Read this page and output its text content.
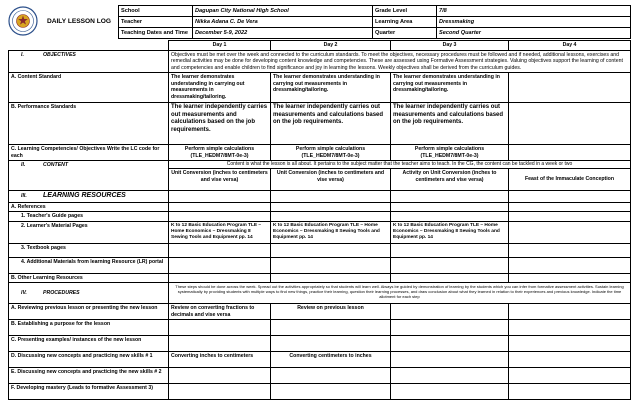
DAILY LESSON LOG
School	Dagupan City National High School	Grade Level	7/8
Teacher	Nikka Adana C. De Vera	Learning Area	Dressmaking
Teaching Dates and Time	December 5-9, 2022	Quarter	Second Quarter
	Day 1	Day 2	Day 3	Day 4
I. OBJECTIVES	Objectives must be met over the week and connected to the curriculum standards. To meet the objectives, necessary procedures must be followed and if needed, additional lessons, exercises and remedial activities may be done for developing content knowledge and competencies. These are assessed using Formative Assessment strategies. Valuing objectives support the learning of content and competencies and enable children to find significance and joy in learning the lessons. Weekly objectives shall be derived from the curriculum guides.			
A. Content Standard	The learner demonstrates understanding in carrying out measurements in dressmaking/tailoring.	The learner demonstrates understanding in carrying out measurements in dressmaking/tailoring.	The learner demonstrates understanding in carrying out measurements in dressmaking/tailoring.	
B. Performance Standards	The learner independently carries out measurements and calculations based on the job requirements.	The learner independently carries out measurements and calculations based on the job requirements.	The learner independently carries out measurements and calculations based on the job requirements.	
C. Learning Competencies/ Objectives Write the LC code for each	Perform simple calculations (TLE_HEDM7/8MT-0e-3)	Perform simple calculations (TLE_HEDM7/8MT-0e-3)	Perform simple calculations (TLE_HEDM7/8MT-0e-3)	
II. CONTENT	Content is what the lesson is all about. It pertains to the subject matter that the teacher aims to teach. In the CG, the content can be tackled in a week or two			
	Unit Conversion (inches to centimeters and vise versa)	Unit Conversion (inches to centimeters and vise versa)	Activity on Unit Conversion (inches to centimeters and vise versa)	Feast of the Immaculate Conception
III. LEARNING RESOURCES				
A. References				
1. Teacher's Guide pages				
2. Learner's Material Pages	K to 12 Basic Education Program TLE – Home Economics – Dressmaking 8 Sewing Tools and Equipment pp. 14	K to 12 Basic Education Program TLE – Home Economics – Dressmaking 8 Sewing Tools and Equipment pp. 14	K to 12 Basic Education Program TLE – Home Economics – Dressmaking 8 Sewing Tools and Equipment pp. 14	
3. Textbook pages				
4. Additional Materials from learning Resource (LR) portal				
B. Other Learning Resources				
IV. PROCEDURES	These steps should be done across the week. Spread out the activities appropriately so that students will learn well. Always be guided by demonstration of learning by the students which you can infer from formative assessment activities. Sustain learning systematically by providing students with multiple ways to find new things, practice their learning, question their learning processes, and draw conclusion about what they learned in relation to their experiences and previous knowledge. Indicate the time allotment for each step			
A. Reviewing previous lesson or presenting the new lesson	Review on converting fractions to decimals and vise versa	Review on previous lesson		
B. Establishing a purpose for the lesson				
C. Presenting examples/ instances of the new lesson				
D. Discussing new concepts and practicing new skills # 1	Converting inches to centimeters	Converting centimeters to inches		
E. Discussing new concepts and practicing the new skills # 2				
F. Developing mastery (Leads to formative Assessment 3)				
